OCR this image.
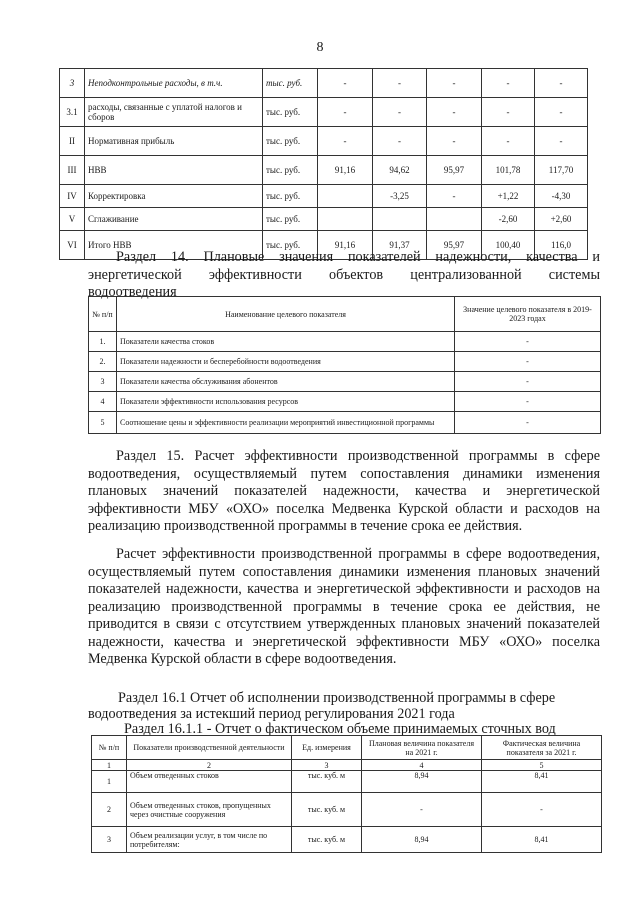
8
3	Неподконтрольные расходы, в т.ч.	тыс. руб.	-	-	-	-	-
3.1	расходы, связанные с уплатой налогов и сборов	тыс. руб.	-	-	-	-	-
II	Нормативная прибыль	тыс. руб.	-	-	-	-	-
III	НВВ	тыс. руб.	91,16	94,62	95,97	101,78	117,70
IV	Корректировка	тыс. руб.		-3,25	-	+1,22	-4,30
V	Сглаживание	тыс. руб.				-2,60	+2,60
VI	Итого НВВ	тыс. руб.	91,16	91,37	95,97	100,40	116,0
Раздел 14. Плановые значения показателей надежности, качества и
энергетической эффективности объектов централизованной системы
водоотведения
№ п/п	Наименование целевого показателя	Значение целевого показателя в 2019-2023 годах
1.	Показатели качества стоков	-
2.	Показатели надежности и бесперебойности водоотведения	-
3	Показатели качества обслуживания абонентов	-
4	Показатели эффективности использования ресурсов	-
5	Соотношение цены и эффективности реализации мероприятий инвестиционной программы	-
Раздел 15. Расчет эффективности производственной программы в сфере водоотведения, осуществляемый путем сопоставления динамики изменения плановых значений показателей надежности, качества и энергетической эффективности МБУ «ОХО» поселка Медвенка Курской области и расходов на реализацию производственной программы в течение срока ее действия.
Расчет эффективности производственной программы в сфере водоотведения, осуществляемый путем сопоставления динамики изменения плановых значений показателей надежности, качества и энергетической эффективности и расходов на реализацию производственной программы в течение срока ее действия, не приводится в связи с отсутствием утвержденных плановых значений показателей надежности, качества и энергетической эффективности МБУ «ОХО» поселка Медвенка Курской области в сфере водоотведения.
Раздел 16.1 Отчет об исполнении производственной программы в сфере
водоотведения за истекший период регулирования 2021 года
Раздел 16.1.1 - Отчет о фактическом объеме принимаемых сточных вод
№ п/п	Показатели производственной деятельности	Ед. измерения	Плановая величина показателя на 2021 г.	Фактическая величина показателя за 2021 г.
1	2	3	4	5
1	Объем отведенных стоков	тыс. куб. м	8,94	8,41
2	Объем отведенных стоков, пропущенных через очистные сооружения	тыс. куб. м	-	-
3	Объем реализации услуг, в том числе по потребителям:	тыс. куб. м	8,94	8,41
